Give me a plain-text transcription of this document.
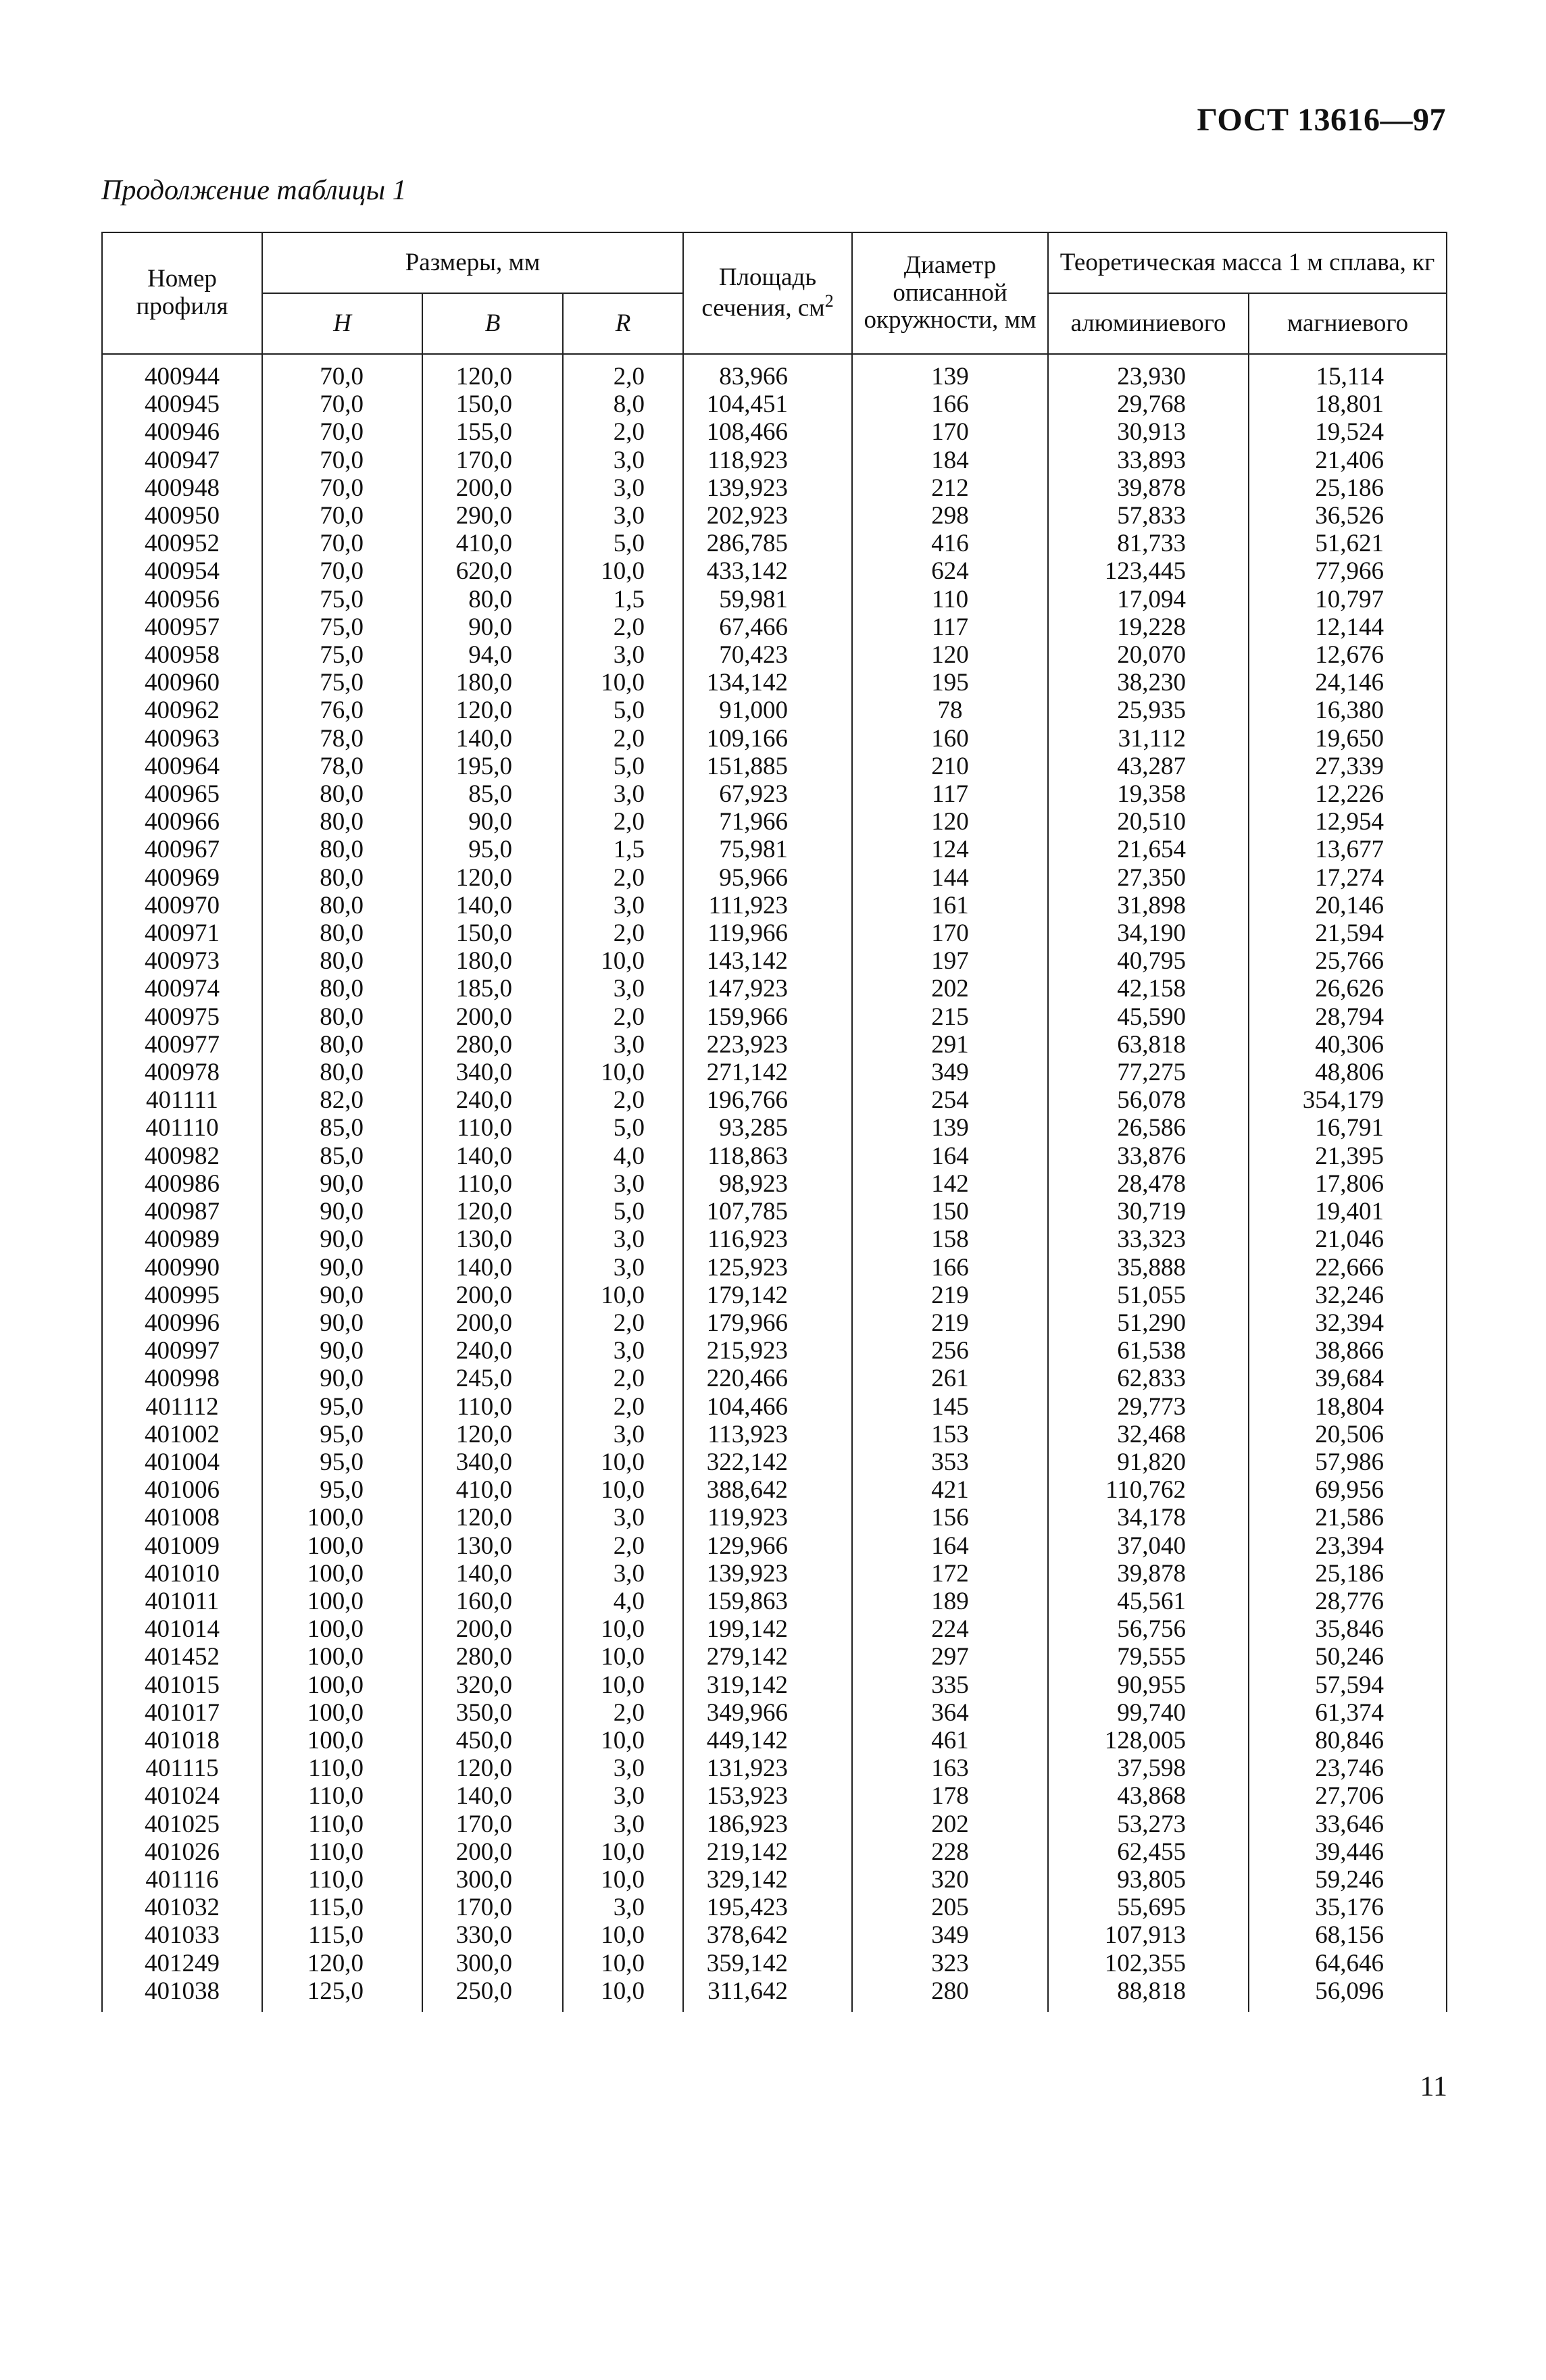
ГОСТ 13616—97
Продолжение таблицы 1
Номер профиля	Размеры, мм			Площадь сечения, $см^2$	Диаметр описанной окружности, мм	Теоретическая масса 1 м сплава, кг	
	H	B	R			алюминиевого	магниевого
400944	70,0	120,0	2,0	83,966	139	23,930	15,114
400945	70,0	150,0	8,0	104,451	166	29,768	18,801
400946	70,0	155,0	2,0	108,466	170	30,913	19,524
400947	70,0	170,0	3,0	118,923	184	33,893	21,406
400948	70,0	200,0	3,0	139,923	212	39,878	25,186
400950	70,0	290,0	3,0	202,923	298	57,833	36,526
400952	70,0	410,0	5,0	286,785	416	81,733	51,621
400954	70,0	620,0	10,0	433,142	624	123,445	77,966
400956	75,0	80,0	1,5	59,981	110	17,094	10,797
400957	75,0	90,0	2,0	67,466	117	19,228	12,144
400958	75,0	94,0	3,0	70,423	120	20,070	12,676
400960	75,0	180,0	10,0	134,142	195	38,230	24,146
400962	76,0	120,0	5,0	91,000	78	25,935	16,380
400963	78,0	140,0	2,0	109,166	160	31,112	19,650
400964	78,0	195,0	5,0	151,885	210	43,287	27,339
400965	80,0	85,0	3,0	67,923	117	19,358	12,226
400966	80,0	90,0	2,0	71,966	120	20,510	12,954
400967	80,0	95,0	1,5	75,981	124	21,654	13,677
400969	80,0	120,0	2,0	95,966	144	27,350	17,274
400970	80,0	140,0	3,0	111,923	161	31,898	20,146
400971	80,0	150,0	2,0	119,966	170	34,190	21,594
400973	80,0	180,0	10,0	143,142	197	40,795	25,766
400974	80,0	185,0	3,0	147,923	202	42,158	26,626
400975	80,0	200,0	2,0	159,966	215	45,590	28,794
400977	80,0	280,0	3,0	223,923	291	63,818	40,306
400978	80,0	340,0	10,0	271,142	349	77,275	48,806
401111	82,0	240,0	2,0	196,766	254	56,078	354,179
401110	85,0	110,0	5,0	93,285	139	26,586	16,791
400982	85,0	140,0	4,0	118,863	164	33,876	21,395
400986	90,0	110,0	3,0	98,923	142	28,478	17,806
400987	90,0	120,0	5,0	107,785	150	30,719	19,401
400989	90,0	130,0	3,0	116,923	158	33,323	21,046
400990	90,0	140,0	3,0	125,923	166	35,888	22,666
400995	90,0	200,0	10,0	179,142	219	51,055	32,246
400996	90,0	200,0	2,0	179,966	219	51,290	32,394
400997	90,0	240,0	3,0	215,923	256	61,538	38,866
400998	90,0	245,0	2,0	220,466	261	62,833	39,684
401112	95,0	110,0	2,0	104,466	145	29,773	18,804
401002	95,0	120,0	3,0	113,923	153	32,468	20,506
401004	95,0	340,0	10,0	322,142	353	91,820	57,986
401006	95,0	410,0	10,0	388,642	421	110,762	69,956
401008	100,0	120,0	3,0	119,923	156	34,178	21,586
401009	100,0	130,0	2,0	129,966	164	37,040	23,394
401010	100,0	140,0	3,0	139,923	172	39,878	25,186
401011	100,0	160,0	4,0	159,863	189	45,561	28,776
401014	100,0	200,0	10,0	199,142	224	56,756	35,846
401452	100,0	280,0	10,0	279,142	297	79,555	50,246
401015	100,0	320,0	10,0	319,142	335	90,955	57,594
401017	100,0	350,0	2,0	349,966	364	99,740	61,374
401018	100,0	450,0	10,0	449,142	461	128,005	80,846
401115	110,0	120,0	3,0	131,923	163	37,598	23,746
401024	110,0	140,0	3,0	153,923	178	43,868	27,706
401025	110,0	170,0	3,0	186,923	202	53,273	33,646
401026	110,0	200,0	10,0	219,142	228	62,455	39,446
401116	110,0	300,0	10,0	329,142	320	93,805	59,246
401032	115,0	170,0	3,0	195,423	205	55,695	35,176
401033	115,0	330,0	10,0	378,642	349	107,913	68,156
401249	120,0	300,0	10,0	359,142	323	102,355	64,646
401038	125,0	250,0	10,0	311,642	280	88,818	56,096
11
